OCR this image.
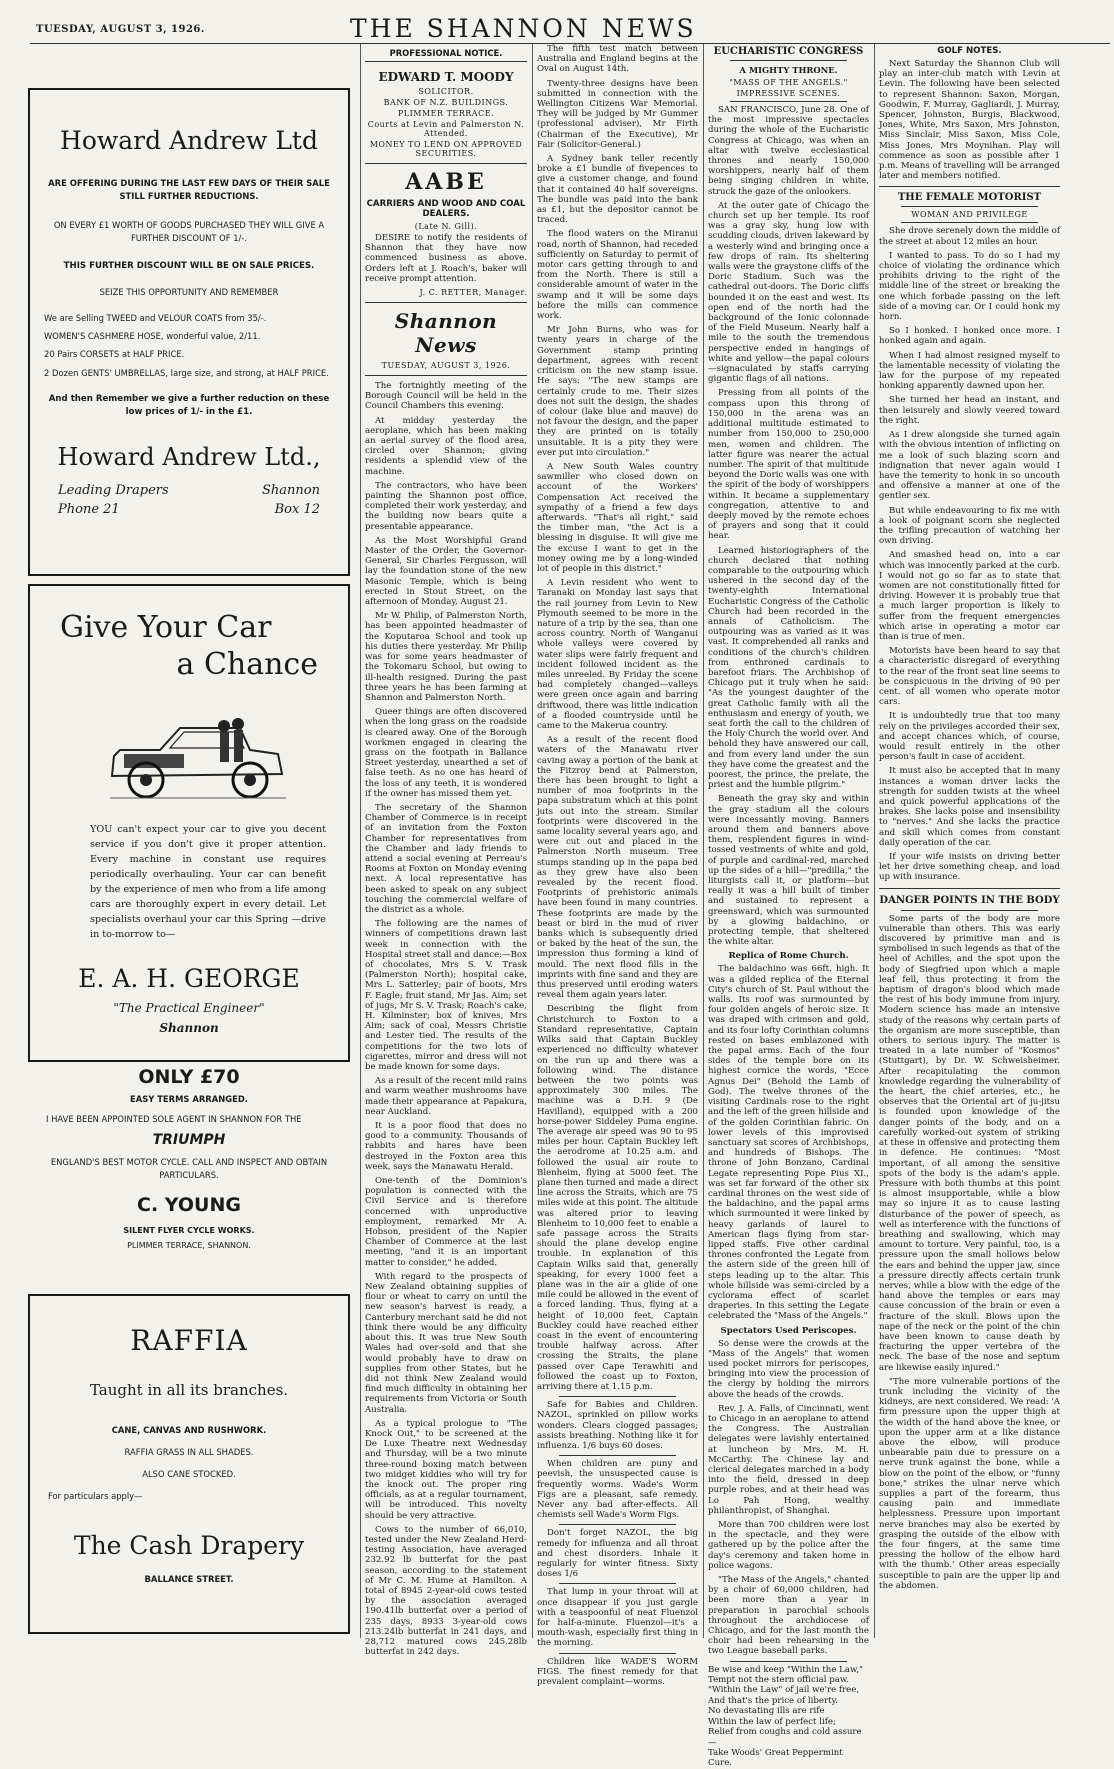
TUESDAY, AUGUST 3, 1926.	THE SHANNON NEWS
Howard Andrew Ltd
ARE OFFERING DURING THE LAST FEW DAYS OF THEIR SALE STILL FURTHER REDUCTIONS.
ON EVERY £1 WORTH OF GOODS PURCHASED THEY WILL GIVE A FURTHER DISCOUNT OF 1/-.
THIS FURTHER DISCOUNT WILL BE ON SALE PRICES.
SEIZE THIS OPPORTUNITY AND REMEMBER
We are Selling TWEED and VELOUR COATS from 35/-.
WOMEN'S CASHMERE HOSE, wonderful value, 2/11.
20 Pairs CORSETS at HALF PRICE.
2 Dozen GENTS' UMBRELLAS, large size, and strong, at HALF PRICE.
And then Remember we give a further reduction on these low prices of 1/- in the £1.
Howard Andrew Ltd.,
Leading Drapers
Phone 21
Shannon
Box 12
Give Your Car
a Chance
YOU can't expect your car to give you decent service if you don't give it proper attention. Every machine in constant use requires periodically overhauling. Your car can benefit by the experience of men who from a life among cars are thoroughly expert in every detail. Let specialists overhaul your car this Spring —drive in to-morrow to—
E. A. H. GEORGE
"The Practical Engineer"
Shannon
ONLY £70
EASY TERMS ARRANGED.
I HAVE BEEN APPOINTED SOLE AGENT IN SHANNON FOR THE
TRIUMPH
ENGLAND'S BEST MOTOR CYCLE. CALL AND INSPECT AND OBTAIN PARTICULARS.
C. YOUNG
SILENT FLYER CYCLE WORKS.
PLIMMER TERRACE, SHANNON.
RAFFIA
Taught in all its branches.
CANE, CANVAS AND RUSHWORK.
RAFFIA GRASS IN ALL SHADES.
ALSO CANE STOCKED.
For particulars apply—
The Cash Drapery
BALLANCE STREET.
PROFESSIONAL NOTICE.
EDWARD T. MOODY
SOLICITOR.
BANK OF N.Z. BUILDINGS.
PLIMMER TERRACE.
Courts at Levin and Palmerston N. Attended.
MONEY TO LEND ON APPROVED SECURITIES.
AABE
CARRIERS AND WOOD AND COAL DEALERS.
(Late N. Gill).

DESIRE to notify the residents of Shannon that they have now commenced business as above. Orders left at J. Roach's, baker will receive prompt attention.

J. C. RETTER, Manager.
Shannon News
TUESDAY, AUGUST 3, 1926.

The fortnightly meeting of the Borough Council will be held in the Council Chambers this evening.

At midday yesterday the aeroplane, which has been making an aerial survey of the flood area, circled over Shannon; giving residents a splendid view of the machine.

The contractors, who have been painting the Shannon post office, completed their work yesterday, and the building now bears quite a presentable appearance.

As the Most Worshipful Grand Master of the Order, the Governor-General, Sir Charles Fergusson, will lay the foundation stone of the new Masonic Temple, which is being erected in Stout Street, on the afternoon of Monday, August 21.

Mr W. Philip, of Palmerston North, has been appointed headmaster of the Koputaroa School and took up his duties there yesterday. Mr Philip was for some years headmaster of the Tokomaru School, but owing to ill-health resigned. During the past three years he has been farming at Shannon and Palmerston North.

Queer things are often discovered when the long grass on the roadside is cleared away. One of the Borough workmen engaged in clearing the grass on the footpath in Ballance Street yesterday, unearthed a set of false teeth. As no one has heard of the loss of any teeth, it is wondered if the owner has missed them yet.

The secretary of the Shannon Chamber of Commerce is in receipt of an invitation from the Foxton Chamber for representatives from the Chamber and lady friends to attend a social evening at Perreau's Rooms at Foxton on Monday evening next. A local representative has been asked to speak on any subject touching the commercial welfare of the district as a whole.

The following are the names of winners of competitions drawn last week in connection with the Hospital street stall and dance:—Box of chocolates, Mrs S. V. Trask (Palmerston North); hospital cake, Mrs L. Satterley; pair of boots, Mrs F. Eagle; fruit stand, Mr Jas. Aim; set of jugs, Mr S. V. Trask; Roach's cake, H. Kilminster; box of knives, Mrs Aim; sack of coal, Messrs Christie and Lester tied. The results of the competitions for the two lots of cigarettes, mirror and dress will not be made known for some days.

As a result of the recent mild rains and warm weather mushrooms have made their appearance at Papakura, near Auckland.

It is a poor flood that does no good to a community. Thousands of rabbits and hares have been destroyed in the Foxton area this week, says the Manawatu Herald.

One-tenth of the Dominion's population is connected with the Civil Service and is therefore concerned with unproductive employment, remarked Mr A. Hobson, president of the Napier Chamber of Commerce at the last meeting, "and it is an important matter to consider," he added.

With regard to the prospects of New Zealand obtaining supplies of flour or wheat to carry on until the new season's harvest is ready, a Canterbury merchant said he did not think there would be any difficulty about this. It was true New South Wales had over-sold and that she would probably have to draw on supplies from other States, but he did not think New Zealand would find much difficulty in obtaining her requirements from Victoria or South Australia.

As a typical prologue to "The Knock Out," to be screened at the De Luxe Theatre next Wednesday and Thursday, will be a two minute three-round boxing match between two midget kiddies who will try for the knock out. The proper ring officials, as at a regular tournament, will be introduced. This novelty should be very attractive.

Cows to the number of 66,010, tested under the New Zealand Herd-testing Association, have averaged 232.92 lb butterfat for the past season, according to the statement of Mr C. M. Hume at Hamilton. A total of 8945 2-year-old cows tested by the association averaged 190.41lb butterfat over a period of 235 days, 8933 3-year-old cows 213.24lb butterfat in 241 days, and 28,712 matured cows 245.28lb butterfat in 242 days.

The fifth test match between Australia and England begins at the Oval on August 14th.

Twenty-three designs have been submitted in connection with the Wellington Citizens War Memorial. They will be judged by Mr Gummer (professional adviser), Mr Firth (Chairman of the Executive), Mr Fair (Solicitor-General.)

A Sydney bank teller recently broke a £1 bundle of fivepences to give a customer change, and found that it contained 40 half sovereigns. The bundle was paid into the bank as £1, but the depositor cannot be traced.

The flood waters on the Miranui road, north of Shannon, had receded sufficiently on Saturday to permit of motor cars getting through to and from the North. There is still a considerable amount of water in the swamp and it will be some days before the mills can commence work.

Mr John Burns, who was for twenty years in charge of the Government stamp printing department, agrees with recent criticism on the new stamp issue. He says: "The new stamps are certainly crude to me. Their sizes does not suit the design, the shades of colour (lake blue and mauve) do not favour the design, and the paper they are printed on is totally unsuitable. It is a pity they were ever put into circulation."

A New South Wales country sawmiller who closed down on account of the Workers' Compensation Act received the sympathy of a friend a few days afterwards. "That's all right," said the timber man, "the Act is a blessing in disguise. It will give me the excuse I want to get in the money owing me by a long-winded lot of people in this district."

A Levin resident who went to Taranaki on Monday last says that the rail journey from Levin to New Plymouth seemed to be more in the nature of a trip by the sea, than one across country. North of Wanganui whole valleys were covered by water slips were fairly frequent and incident followed incident as the miles unreeled. By Friday the scene had completely changed—valleys were green once again and barring driftwood, there was little indication of a flooded countryside until he came to the Makerua country.

As a result of the recent flood waters of the Manawatu river caving away a portion of the bank at the Fitzroy bend at Palmerston, there has been brought to light a number of moa footprints in the papa substratum which at this point juts out into the stream. Similar footprints were discovered in the same locality several years ago, and were cut out and placed in the Palmerston North museum. Tree stumps standing up in the papa bed as they grew have also been revealed by the recent flood. Footprints of prehistoric animals have been found in many countries. These footprints are made by the beast or bird in the mud of river banks which is subsequently dried or baked by the heat of the sun, the impression thus forming a kind of mould. The next flood fills in the imprints with fine sand and they are thus preserved until eroding waters reveal them again years later.

Describing the flight from Christchurch to Foxton to a Standard representative, Captain Wilks said that Captain Buckley experienced no difficulty whatever on the run up and there was a following wind. The distance between the two points was approximately 300 miles. The machine was a D.H. 9 (De Havilland), equipped with a 200 horse-power Siddeley Puma engine. The average air speed was 90 to 95 miles per hour. Captain Buckley left the aerodrome at 10.25 a.m. and followed the usual air route to Blenheim, flying at 5000 feet. The plane then turned and made a direct line across the Straits, which are 75 miles wide at this point. The altitude was altered prior to leaving Blenheim to 10,000 feet to enable a safe passage across the Straits should the plane develop engine trouble. In explanation of this Captain Wilks said that, generally speaking, for every 1000 feet a plane was in the air a glide of one mile could be allowed in the event of a forced landing. Thus, flying at a height of 10,000 feet, Captain Buckley could have reached either coast in the event of encountering trouble halfway across. After crossing the Straits, the plane passed over Cape Terawhiti and followed the coast up to Foxton, arriving there at 1.15 p.m.

Safe for Babies and Children. NAZOL, sprinkled on pillow works wonders. Clears clogged passages; assists breathing. Nothing like it for influenza. 1/6 buys 60 doses.

When children are puny and peevish, the unsuspected cause is frequently worms. Wade's Worm Figs are a pleasant, safe remedy. Never any bad after-effects. All chemists sell Wade's Worm Figs.

Don't forget NAZOL, the big remedy for influenza and all throat and chest disorders. Inhale it regularly for winter fitness. Sixty doses 1/6

That lump in your throat will at once disappear if you just gargle with a teaspoonful of neat Fluenzol for half-a-minute. Fluenzol—it's a mouth-wash, especially first thing in the morning.

Children like WADE'S WORM FIGS. The finest remedy for that prevalent complaint—worms.

EUCHARISTIC CONGRESS
A MIGHTY THRONE.
"MASS OF THE ANGELS."
IMPRESSIVE SCENES.

SAN FRANCISCO, June 28. One of the most impressive spectacles during the whole of the Eucharistic Congress at Chicago, was when an altar with twelve ecclesiastical thrones and nearly 150,000 worshippers, nearly half of them being singing children in white, struck the gaze of the onlookers.

At the outer gate of Chicago the church set up her temple. Its roof was a gray sky, hung low with scudding clouds, driven lakeward by a westerly wind and bringing once a few drops of rain. Its sheltering walls were the graystone cliffs of the Doric Stadium. Such was the cathedral out-doors. The Doric cliffs bounded it on the east and west. Its open end of the north had the background of the Ionic colonnade of the Field Museum. Nearly half a mile to the south the tremendous perspective ended in hangings of white and yellow—the papal colours—signaculated by staffs carrying gigantic flags of all nations.

Pressing from all points of the compass upon this throng of 150,000 in the arena was an additional multitude estimated to number from 150,000 to 250,000 men, women and children. The latter figure was nearer the actual number. The spirit of that multitude beyond the Doric walls was one with the spirit of the body of worshippers within. It became a supplementary congregation, attentive to and deeply moved by the remote echoes of prayers and song that it could hear.

Learned historiographers of the church declared that nothing comparable to the outpouring which ushered in the second day of the twenty-eighth International Eucharistic Congress of the Catholic Church had been recorded in the annals of Catholicism. The outpouring was as varied as it was vast. It comprehended all ranks and conditions of the church's children from enthroned cardinals to barefoot friars. The Archbishop of Chicago put it truly when he said: "As the youngest daughter of the great Catholic family with all the enthusiasm and energy of youth, we seat forth the call to the children of the Holy Church the world over. And behold they have answered our call, and from every land under the sun they have come the greatest and the poorest, the prince, the prelate, the priest and the humble pilgrim."

Beneath the gray sky and within the gray stadium all the colours were incessantly moving. Banners around them and banners above them, resplendent figures in wind-tossed vestments of white and gold, of purple and cardinal-red, marched up the sides of a hill—"predilla," the liturgists call it, or platform—but really it was a hill built of timber and sustained to represent a greensward, which was surmounted by a glowing baldachino, or protecting temple, that sheltered the white altar.

Replica of Rome Church.

The baldachino was 66ft. high. It was a gilded replica of the Eternal City's church of St. Paul without the walls. Its roof was surmounted by four golden angels of heroic size. It was draped with crimson and gold, and its four lofty Corinthian columns rested on bases emblazoned with the papal arms. Each of the four sides of the temple bore on its highest cornice the words, "Ecce Agnus Dei" (Behold the Lamb of God). The twelve thrones of the visiting Cardinals rose to the right and the left of the green hillside and of the golden Corinthian fabric. On lower levels of this improvised sanctuary sat scores of Archbishops, and hundreds of Bishops. The throne of John Bonzano, Cardinal Legate representing Pope Pius XI., was set far forward of the other six cardinal thrones on the west side of the baldachino, and the papal arms which surmounted it were linked by heavy garlands of laurel to American flags flying from star-lipped staffs. Five other cardinal thrones confronted the Legate from the astern side of the green hill of steps leading up to the altar. This whole hillside was semi-circled by a cyclorama effect of scarlet draperies. In this setting the Legate celebrated the "Mass of the Angels."

Spectators Used Periscopes.

So dense were the crowds at the "Mass of the Angels" that women used pocket mirrors for periscopes, bringing into view the procession of the clergy by holding the mirrors above the heads of the crowds.

Rev. J. A. Falls, of Cincinnati, went to Chicago in an aeroplane to attend the Congress. The Australian delegates were lavishly entertained at luncheon by Mrs. M. H. McCarthy. The Chinese lay and clerical delegates marched in a body into the field, dressed in deep purple robes, and at their head was Lo Pah Hong, wealthy philanthropist, of Shanghai.

More than 700 children were lost in the spectacle, and they were gathered up by the police after the day's ceremony and taken home in police wagons.

"The Mass of the Angels," chanted by a choir of 60,000 children, had been more than a year in preparation in parochial schools throughout the archdiocese of Chicago, and for the last month the choir had been rehearsing in the two League baseball parks.

Be wise and keep "Within the Law,"
Tempt not the stern official paw.
"Within the Law" of jail we're free,
And that's the price of liberty.
No devastating ills are rife
Within the law of perfect life;
Relief from coughs and cold assure—
Take Woods' Great Peppermint Cure.
GOLF NOTES.

Next Saturday the Shannon Club will play an inter-club match with Levin at Levin. The following have been selected to represent Shannon: Saxon, Morgan, Goodwin, F. Murray, Gagliardi, J. Murray, Spencer, Johnston, Burgis, Blackwood, Jones, White, Mrs Saxon, Mrs Johnston, Miss Sinclair, Miss Saxon, Miss Cole, Miss Jones, Mrs Moynihan. Play will commence as soon as possible after 1 p.m. Means of travelling will be arranged later and members notified.

THE FEMALE MOTORIST
WOMAN AND PRIVILEGE

She drove serenely down the middle of the street at about 12 miles an hour.

I wanted to pass. To do so I had my choice of violating the ordinance which prohibits driving to the right of the middle line of the street or breaking the one which forbade passing on the left side of a moving car. Or I could honk my horn.

So I honked. I honked once more. I honked again and again.

When I had almost resigned myself to the lamentable necessity of violating the law for the purpose of my repeated honking apparently dawned upon her.

She turned her head an instant, and then leisurely and slowly veered toward the right.

As I drew alongside she turned again with the obvious intention of inflicting on me a look of such blazing scorn and indignation that never again would I have the temerity to honk in so uncouth and offensive a manner at one of the gentler sex.

But while endeavouring to fix me with a look of poignant scorn she neglected the trifling precaution of watching her own driving.

And smashed head on, into a car which was innocently parked at the curb. I would not go so far as to state that women are not constitutionally fitted for driving. However it is probably true that a much larger proportion is likely to suffer from the frequent emergencies which arise in operating a motor car than is true of men.

Motorists have been heard to say that a characteristic disregard of everything to the rear of the front seat line seems to be conspicuous in the driving of 90 per cent. of all women who operate motor cars.

It is undoubtedly true that too many rely on the privileges accorded their sex, and accept chances which, of course, would result entirely in the other person's fault in case of accident.

It must also be accepted that in many instances a woman driver lacks the strength for sudden twists at the wheel and quick powerful applications of the brakes. She lacks poise and insensibility to "nerves." And she lacks the practice and skill which comes from constant daily operation of the car.

If your wife insists on driving better let her drive something cheap, and load up with insurance.

DANGER POINTS IN THE BODY

Some parts of the body are more vulnerable than others. This was early discovered by primitive man and is symbolised in such legends as that of the heel of Achilles, and the spot upon the body of Siegfried upon which a maple leaf fell, thus protecting it from the baptism of dragon's blood which made the rest of his body immune from injury. Modern science has made an intensive study of the reasons why certain parts of the organism are more susceptible, than others to serious injury. The matter is treated in a late number of "Kosmos" (Stuttgart), by Dr. W. Schweisheimer. After recapitulating the common knowledge regarding the vulnerability of the heart, the chief arteries, etc., he observes that the Oriental art of ju-jitsu is founded upon knowledge of the danger points of the body, and on a carefully worked-out system of striking at these in offensive and protecting them in defence. He continues: "Most important, of all among the sensitive spots of the body is the adam's apple. Pressure with both thumbs at this point is almost insupportable, while a blow may so injure it as to cause lasting disturbance of the power of speech, as well as interference with the functions of breathing and swallowing, which may amount to torture. Very painful, too, is a pressure upon the small hollows below the ears and behind the upper jaw, since a pressure directly affects certain trunk nerves, while a blow with the edge of the hand above the temples or ears may cause concussion of the brain or even a fracture of the skull. Blows upon the nape of the neck or the point of the chin have been known to cause death by fracturing the upper vertebra of the neck. The base of the nose and septum are likewise easily injured."

"The more vulnerable portions of the trunk including the vicinity of the kidneys, are next considered. We read: 'A firm pressure upon the upper thigh at the width of the hand above the knee, or upon the upper arm at a like distance above the elbow, will produce unbearable pain due to pressure on a nerve trunk against the bone, while a blow on the point of the elbow, or "funny bone," strikes the ulnar nerve which supplies a part of the forearm, thus causing pain and immediate helplessness. Pressure upon important nerve branches may also be exerted by grasping the outside of the elbow with the four fingers, at the same time pressing the hollow of the elbow hard with the thumb.' Other areas especially susceptible to pain are the upper lip and the abdomen.
